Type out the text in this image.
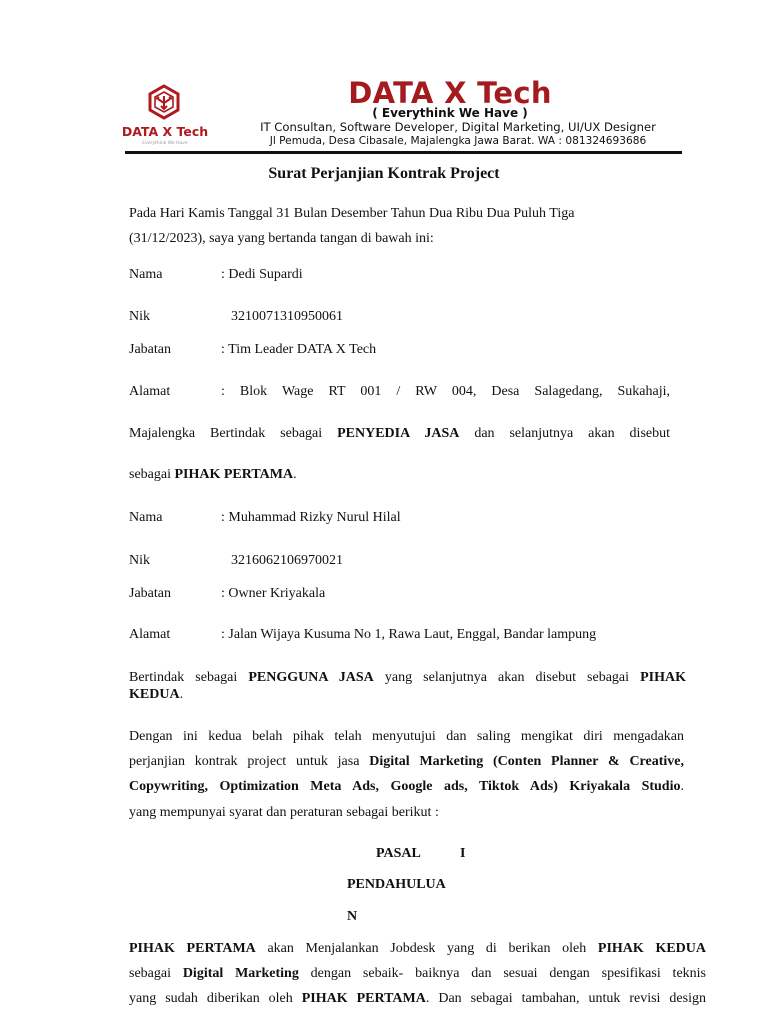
DATA X Tech
Everythink We Have
DATA X Tech
( Everythink We Have )
IT Consultan, Software Developer, Digital Marketing, UI/UX Designer
Jl Pemuda, Desa Cibasale, Majalengka Jawa Barat. WA : 081324693686
Surat Perjanjian Kontrak Project
Pada Hari Kamis Tanggal 31 Bulan Desember Tahun Dua Ribu Dua Puluh Tiga
(31/12/2023), saya yang bertanda tangan di bawah ini:
Nama	: Dedi Supardi
Nik	3210071310950061
Jabatan	: Tim Leader DATA X Tech
Alamat	: Blok Wage RT 001 / RW 004, Desa Salagedang, Sukahaji,
Majalengka Bertindak sebagai PENYEDIA JASA dan selanjutnya akan disebut
sebagai PIHAK PERTAMA.
Nama	: Muhammad Rizky Nurul Hilal
Nik	3216062106970021
Jabatan	: Owner Kriyakala
Alamat	: Jalan Wijaya Kusuma No 1, Rawa Laut, Enggal, Bandar lampung
Bertindak sebagai PENGGUNA JASA yang selanjutnya akan disebut sebagai PIHAK
KEDUA.
Dengan ini kedua belah pihak telah menyutujui dan saling mengikat diri mengadakan
perjanjian kontrak project untuk jasa Digital Marketing (Conten Planner & Creative,
Copywriting, Optimization Meta Ads, Google ads, Tiktok Ads) Kriyakala Studio.
yang mempunyai syarat dan peraturan sebagai berikut :
PASAL	I
PENDAHULUA
N
PIHAK PERTAMA akan Menjalankan Jobdesk yang di berikan oleh PIHAK KEDUA
sebagai Digital Marketing dengan sebaik- baiknya dan sesuai dengan spesifikasi teknis
yang sudah diberikan oleh PIHAK PERTAMA. Dan sebagai tambahan, untuk revisi design
